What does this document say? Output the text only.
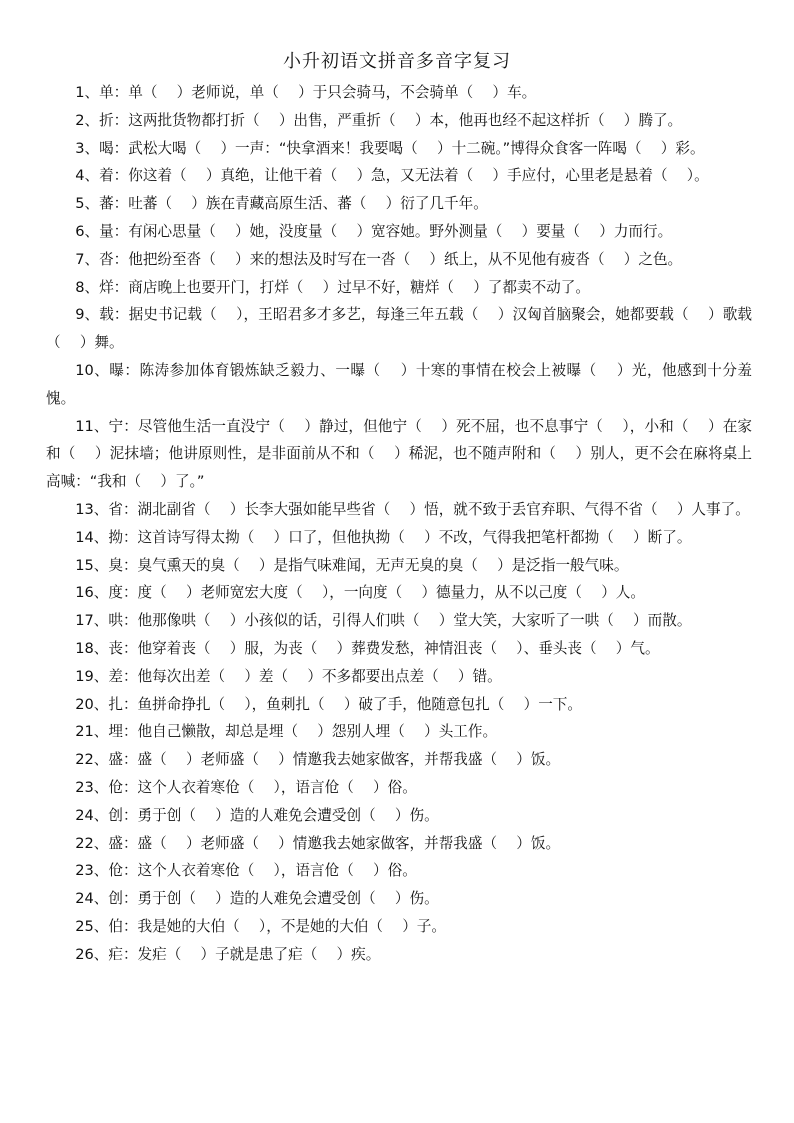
小升初语文拼音多音字复习

1、单：单（　 ）老师说，单（　 ）于只会骑马，不会骑单（　 ）车。

2、折：这两批货物都打折（　 ）出售，严重折（　 ）本，他再也经不起这样折（　 ）腾了。

3、喝：武松大喝（　 ）一声：“快拿酒来！我要喝（　 ）十二碗。”博得众食客一阵喝（　 ）彩。

4、着：你这着（　 ）真绝，让他干着（　 ）急，又无法着（　 ）手应付，心里老是悬着（　 ）。

5、蕃：吐蕃（　 ）族在青藏高原生活、蕃（　 ）衍了几千年。

6、量：有闲心思量（　 ）她，没度量（　 ）宽容她。野外测量（　 ）要量（　 ）力而行。

7、沓：他把纷至沓（　 ）来的想法及时写在一沓（　 ）纸上，从不见他有疲沓（　 ）之色。

8、烊：商店晚上也要开门，打烊（　 ）过早不好，糖烊（　 ）了都卖不动了。

9、载：据史书记载（　 ），王昭君多才多艺，每逢三年五载（　 ）汉匈首脑聚会，她都要载（　 ）歌载（　 ）舞。

10、曝：陈涛参加体育锻炼缺乏毅力、一曝（　 ）十寒的事情在校会上被曝（　 ）光，他感到十分羞愧。

11、宁：尽管他生活一直没宁（　 ）静过，但他宁（　 ）死不屈，也不息事宁（　 ），小和（　 ）在家和（　 ）泥抹墙；他讲原则性，是非面前从不和（　 ）稀泥，也不随声附和（　 ）别人，更不会在麻将桌上高喊：“我和（　 ）了。”

13、省：湖北副省（　 ）长李大强如能早些省（　 ）悟，就不致于丢官弃职、气得不省（　 ）人事了。

14、拗：这首诗写得太拗（　 ）口了，但他执拗（　 ）不改，气得我把笔杆都拗（　 ）断了。

15、臭：臭气熏天的臭（　 ）是指气味难闻，无声无臭的臭（　 ）是泛指一般气味。

16、度：度（　 ）老师宽宏大度（　 ），一向度（　 ）德量力，从不以己度（　 ）人。

17、哄：他那像哄（　 ）小孩似的话，引得人们哄（　 ）堂大笑，大家听了一哄（　 ）而散。

18、丧：他穿着丧（　 ）服，为丧（　 ）葬费发愁，神情沮丧（　 ）、垂头丧（　 ）气。

19、差：他每次出差（　 ）差（　 ）不多都要出点差（　 ）错。

20、扎：鱼拼命挣扎（　 ），鱼刺扎（　 ）破了手，他随意包扎（　 ）一下。

21、埋：他自己懒散，却总是埋（　 ）怨别人埋（　 ）头工作。

22、盛：盛（　 ）老师盛（　 ）情邀我去她家做客，并帮我盛（　 ）饭。

23、伧：这个人衣着寒伧（　 ），语言伧（　 ）俗。

24、创：勇于创（　 ）造的人难免会遭受创（　 ）伤。

22、盛：盛（　 ）老师盛（　 ）情邀我去她家做客，并帮我盛（　 ）饭。

23、伧：这个人衣着寒伧（　 ），语言伧（　 ）俗。

24、创：勇于创（　 ）造的人难免会遭受创（　 ）伤。

25、伯：我是她的大伯（　 ），不是她的大伯（　 ）子。

26、疟：发疟（　 ）子就是患了疟（　 ）疾。
